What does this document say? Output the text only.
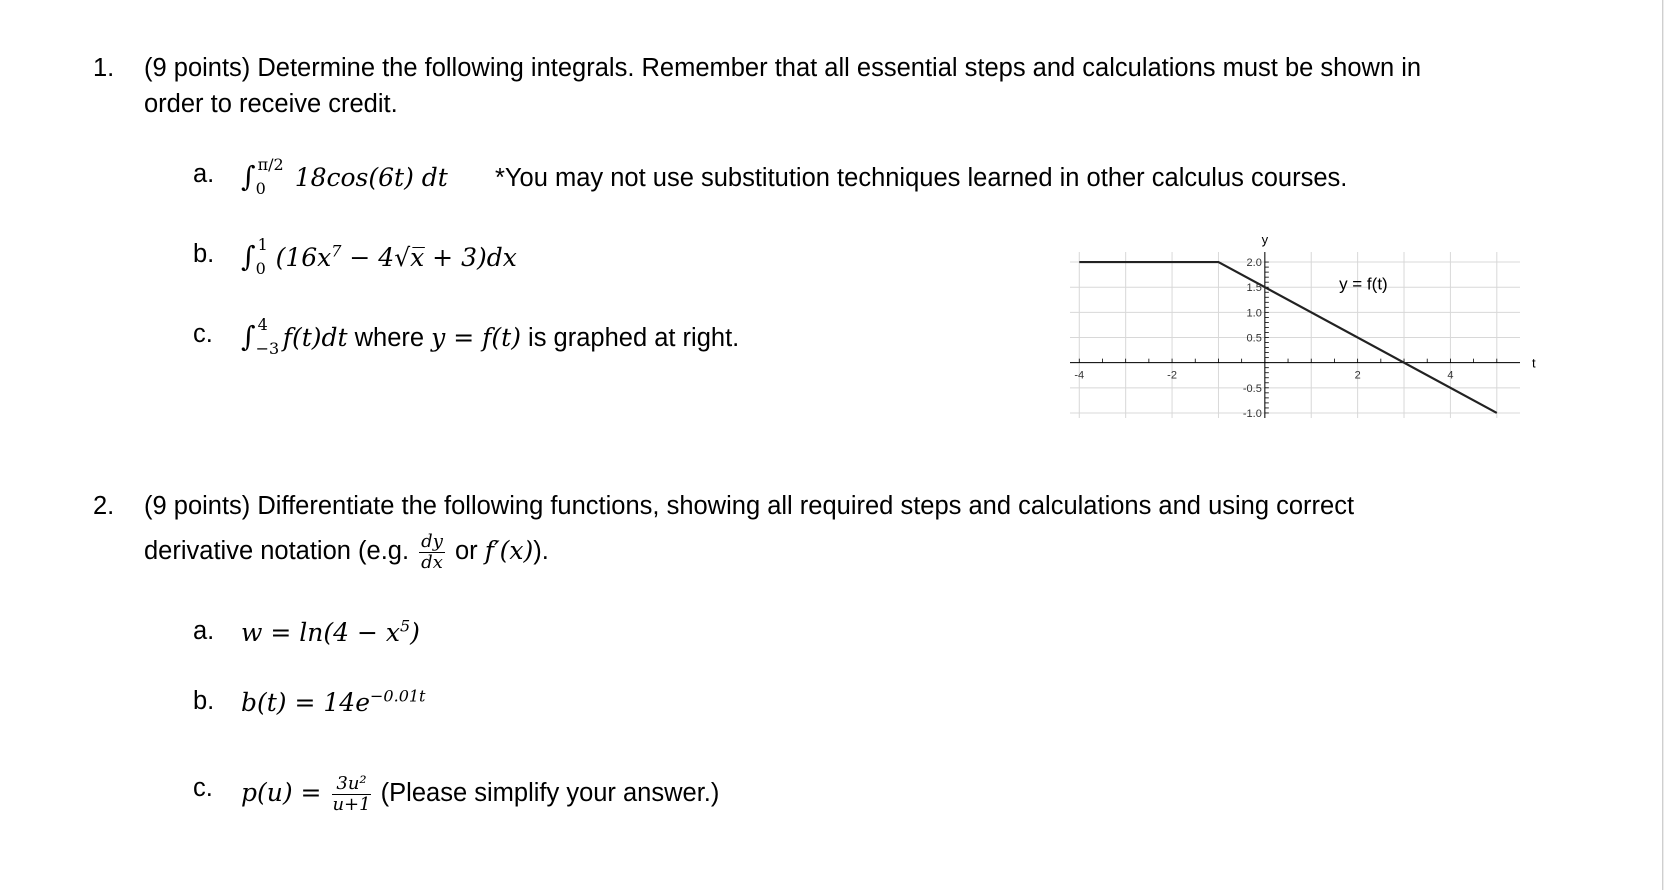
1.	(9 points) Determine the following integrals. Remember that all essential steps and calculations must be shown in
order to receive credit.
a. ∫ π/2
0 18cos(6t) dt *You may not use substitution techniques learned in other calculus courses.
b. ∫ 1
0 ($16x^7$ − 4√x̅ + 3)dx
c.	∫ 4
−3 f(t)dt where y = f(t) is graphed at right.
-4	-2	2	4
2.0
1.5
1.0
0.5
-0.5
-1.0
t
y
y = f(t)
2.	(9 points) Differentiate the following functions, showing all required steps and calculations and using correct
derivative notation (e.g. $\frac{dy}{dx}$ or f′(x)).
a.	$w = \ln(4 - x^5)$
b.	$b(t) = 14e^{-0.01t}$
c.	$p(u) = \frac{\text{3u²}}{u+1}$ (Please simplify your answer.)
